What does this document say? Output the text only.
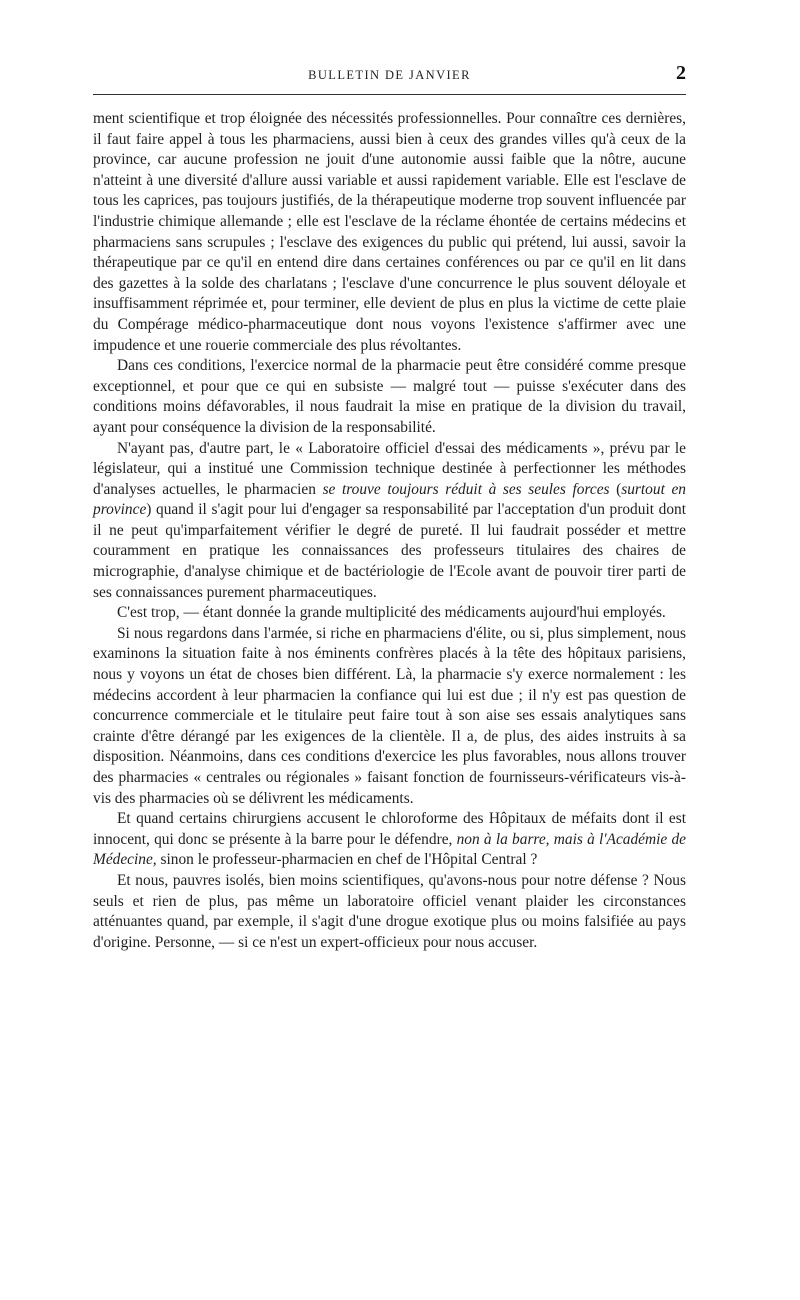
BULLETIN DE JANVIER	2

ment scientifique et trop éloignée des nécessités professionnelles. Pour connaître ces dernières, il faut faire appel à tous les pharmaciens, aussi bien à ceux des grandes villes qu'à ceux de la province, car aucune profession ne jouit d'une autonomie aussi faible que la nôtre, aucune n'atteint à une diversité d'allure aussi variable et aussi rapidement variable. Elle est l'esclave de tous les caprices, pas toujours justifiés, de la thérapeutique moderne trop souvent influencée par l'industrie chimique allemande ; elle est l'esclave de la réclame éhontée de certains médecins et pharmaciens sans scrupules ; l'esclave des exigences du public qui prétend, lui aussi, savoir la thérapeutique par ce qu'il en entend dire dans certaines conférences ou par ce qu'il en lit dans des gazettes à la solde des charlatans ; l'esclave d'une concurrence le plus souvent déloyale et insuffisamment réprimée et, pour terminer, elle devient de plus en plus la victime de cette plaie du Compérage médico-pharmaceutique dont nous voyons l'existence s'affirmer avec une impudence et une rouerie commerciale des plus révoltantes.

Dans ces conditions, l'exercice normal de la pharmacie peut être considéré comme presque exceptionnel, et pour que ce qui en subsiste — malgré tout — puisse s'exécuter dans des conditions moins défavorables, il nous faudrait la mise en pratique de la division du travail, ayant pour conséquence la division de la responsabilité.

N'ayant pas, d'autre part, le « Laboratoire officiel d'essai des médicaments », prévu par le législateur, qui a institué une Commission technique destinée à perfectionner les méthodes d'analyses actuelles, le pharmacien se trouve toujours réduit à ses seules forces (surtout en province) quand il s'agit pour lui d'engager sa responsabilité par l'acceptation d'un produit dont il ne peut qu'imparfaitement vérifier le degré de pureté. Il lui faudrait posséder et mettre couramment en pratique les connaissances des professeurs titulaires des chaires de micrographie, d'analyse chimique et de bactériologie de l'Ecole avant de pouvoir tirer parti de ses connaissances purement pharmaceutiques.

C'est trop, — étant donnée la grande multiplicité des médicaments aujourd'hui employés.

Si nous regardons dans l'armée, si riche en pharmaciens d'élite, ou si, plus simplement, nous examinons la situation faite à nos éminents confrères placés à la tête des hôpitaux parisiens, nous y voyons un état de choses bien différent. Là, la pharmacie s'y exerce normalement : les médecins accordent à leur pharmacien la confiance qui lui est due ; il n'y est pas question de concurrence commerciale et le titulaire peut faire tout à son aise ses essais analytiques sans crainte d'être dérangé par les exigences de la clientèle. Il a, de plus, des aides instruits à sa disposition. Néanmoins, dans ces conditions d'exercice les plus favorables, nous allons trouver des pharmacies « centrales ou régionales » faisant fonction de fournisseurs-vérificateurs vis-à-vis des pharmacies où se délivrent les médicaments.

Et quand certains chirurgiens accusent le chloroforme des Hôpitaux de méfaits dont il est innocent, qui donc se présente à la barre pour le défendre, non à la barre, mais à l'Académie de Médecine, sinon le professeur-pharmacien en chef de l'Hôpital Central ?

Et nous, pauvres isolés, bien moins scientifiques, qu'avons-nous pour notre défense ? Nous seuls et rien de plus, pas même un laboratoire officiel venant plaider les circonstances atténuantes quand, par exemple, il s'agit d'une drogue exotique plus ou moins falsifiée au pays d'origine. Personne, — si ce n'est un expert-officieux pour nous accuser.
